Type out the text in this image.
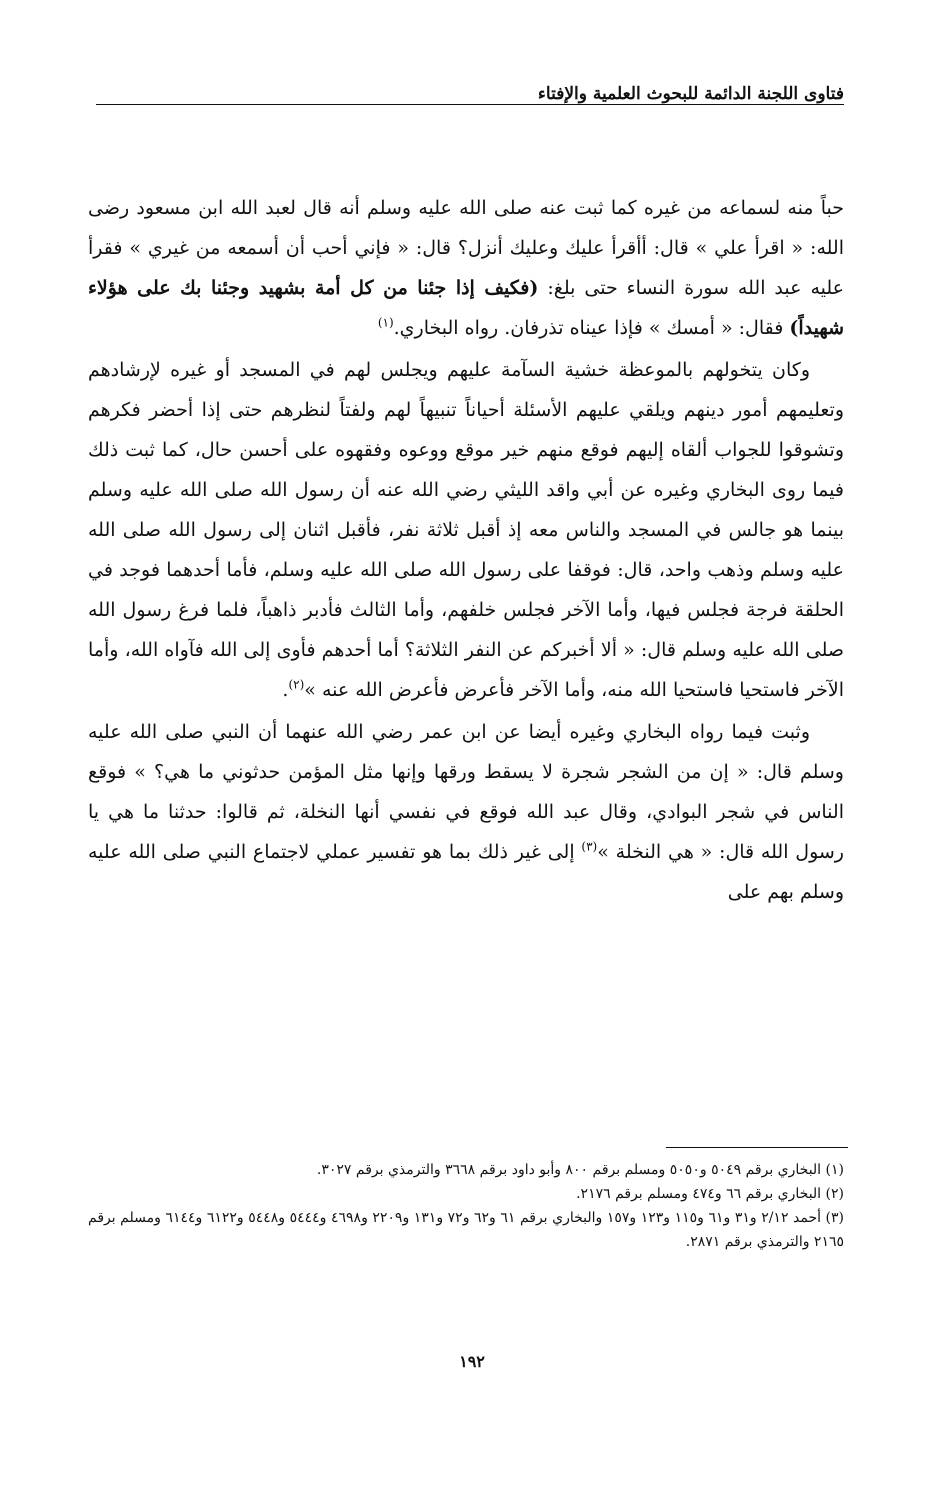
فتاوى اللجنة الدائمة للبحوث العلمية والإفتاء

حباً منه لسماعه من غيره كما ثبت عنه صلى الله عليه وسلم أنه قال لعبد الله ابن مسعود رضى الله: « اقرأ علي » قال: أأقرأ عليك وعليك أنزل؟ قال: « فإني أحب أن أسمعه من غيري » فقرأ عليه عبد الله سورة النساء حتى بلغ: (فكيف إذا جئنا من كل أمة بشهيد وجئنا بك على هؤلاء شهيداً) فقال: « أمسك » فإذا عيناه تذرفان. رواه البخاري.$^{(١)}$

وكان يتخولهم بالموعظة خشية السآمة عليهم ويجلس لهم في المسجد أو غيره لإرشادهم وتعليمهم أمور دينهم ويلقي عليهم الأسئلة أحياناً تنبيهاً لهم ولفتاً لنظرهم حتى إذا أحضر فكرهم وتشوقوا للجواب ألقاه إليهم فوقع منهم خير موقع ووعوه وفقهوه على أحسن حال، كما ثبت ذلك فيما روى البخاري وغيره عن أبي واقد الليثي رضي الله عنه أن رسول الله صلى الله عليه وسلم بينما هو جالس في المسجد والناس معه إذ أقبل ثلاثة نفر، فأقبل اثنان إلى رسول الله صلى الله عليه وسلم وذهب واحد، قال: فوقفا على رسول الله صلى الله عليه وسلم، فأما أحدهما فوجد في الحلقة فرجة فجلس فيها، وأما الآخر فجلس خلفهم، وأما الثالث فأدبر ذاهباً، فلما فرغ رسول الله صلى الله عليه وسلم قال: « ألا أخبركم عن النفر الثلاثة؟ أما أحدهم فأوى إلى الله فآواه الله، وأما الآخر فاستحيا فاستحيا الله منه، وأما الآخر فأعرض فأعرض الله عنه »$^{(٢)}$.

وثبت فيما رواه البخاري وغيره أيضا عن ابن عمر رضي الله عنهما أن النبي صلى الله عليه وسلم قال: « إن من الشجر شجرة لا يسقط ورقها وإنها مثل المؤمن حدثوني ما هي؟ » فوقع الناس في شجر البوادي، وقال عبد الله فوقع في نفسي أنها النخلة، ثم قالوا: حدثنا ما هي يا رسول الله قال: « هي النخلة »$^{(٣)}$ إلى غير ذلك بما هو تفسير عملي لاجتماع النبي صلى الله عليه وسلم بهم على

(١) البخاري برقم ٥٠٤٩ و٥٠٥٠ ومسلم برقم ٨٠٠ وأبو داود برقم ٣٦٦٨ والترمذي برقم ٣٠٢٧.

(٢) البخاري برقم ٦٦ و٤٧٤ ومسلم برقم ٢١٧٦.

(٣) أحمد ٢/١٢ و٣١ و٦١ و١١٥ و١٢٣ و١٥٧ والبخاري برقم ٦١ و٦٢ و٧٢ و١٣١ و٢٢٠٩ و٤٦٩٨ و٥٤٤٤ و٥٤٤٨ و٦١٢٢ و٦١٤٤ ومسلم برقم ٢١٦٥ والترمذي برقم ٢٨٧١.

١٩٢
